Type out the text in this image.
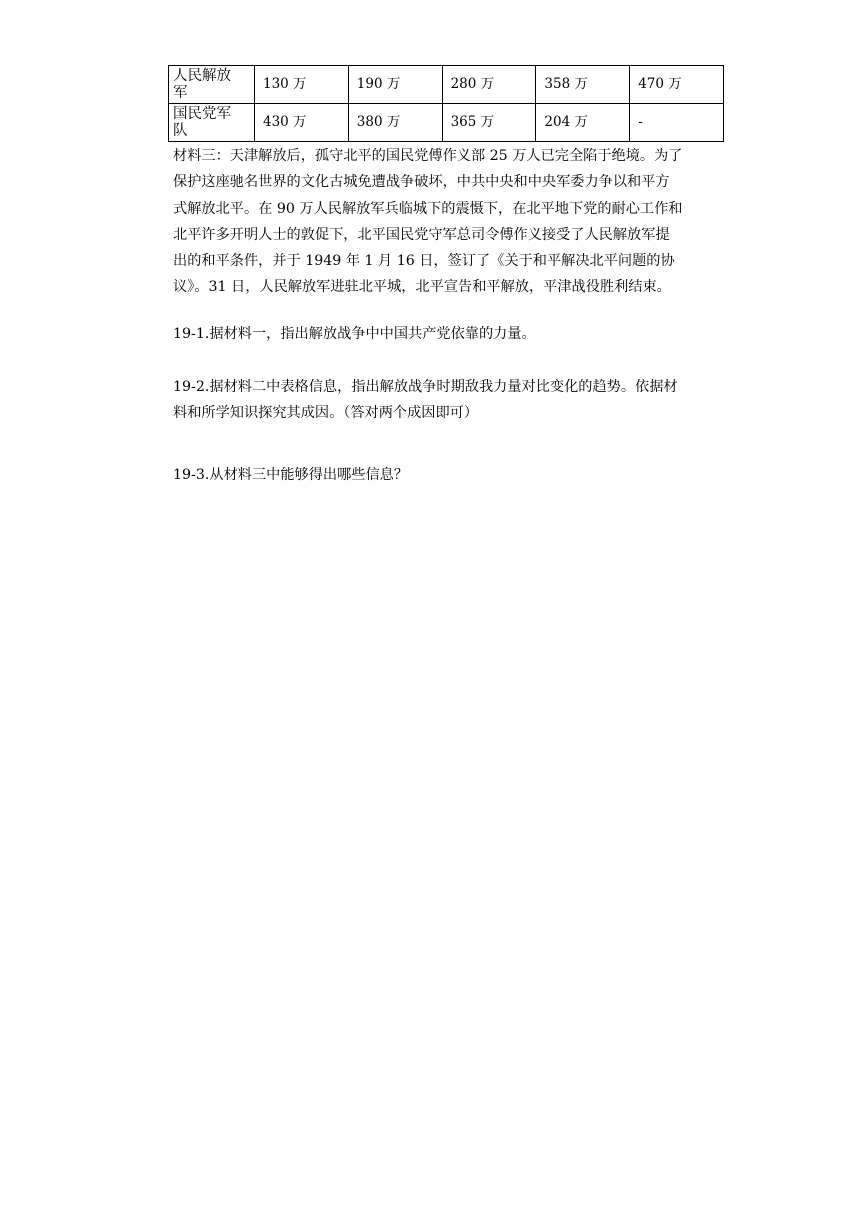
人民解放
军	130 万	190 万	280 万	358 万	470 万
国民党军
队	430 万	380 万	365 万	204 万	-
材料三：天津解放后，孤守北平的国民党傅作义部 25 万人已完全陷于绝境。为了
保护这座驰名世界的文化古城免遭战争破坏，中共中央和中央军委力争以和平方
式解放北平。在 90 万人民解放军兵临城下的震慑下，在北平地下党的耐心工作和
北平许多开明人士的敦促下，北平国民党守军总司令傅作义接受了人民解放军提
出的和平条件，并于 1949 年 1 月 16 日，签订了《关于和平解决北平问题的协
议》。31 日，人民解放军进驻北平城，北平宣告和平解放，平津战役胜利结束。
19-1.据材料一，指出解放战争中中国共产党依靠的力量。
19-2.据材料二中表格信息，指出解放战争时期敌我力量对比变化的趋势。依据材
料和所学知识探究其成因。（答对两个成因即可）
19-3.从材料三中能够得出哪些信息？
